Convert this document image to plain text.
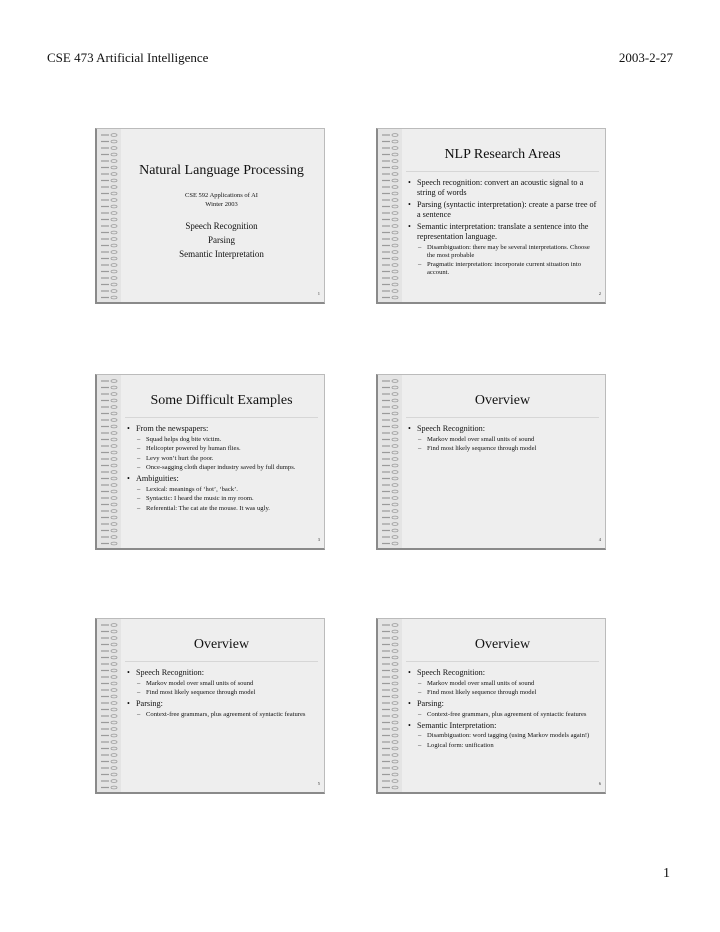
CSE 473 Artificial Intelligence	2003-2-27
Natural Language Processing
CSE 592 Applications of AI
Winter 2003
Speech Recognition
Parsing
Semantic Interpretation
1
NLP Research Areas
• Speech recognition: convert an acoustic signal to a string of words
• Parsing (syntactic interpretation): create a parse tree of a sentence
• Semantic interpretation: translate a sentence into the representation language.
– Disambiguation: there may be several interpretations. Choose the most probable
– Pragmatic interpretation: incorporate current situation into account.
2
Some Difficult Examples
• From the newspapers:
– Squad helps dog bite victim.
– Helicopter powered by human flies.
– Levy won’t hurt the poor.
– Once-sagging cloth diaper industry saved by full dumps.
• Ambiguities:
– Lexical: meanings of ‘hot’, ‘back’.
– Syntactic: I heard the music in my room.
– Referential: The cat ate the mouse. It was ugly.
3
Overview
• Speech Recognition:
– Markov model over small units of sound
– Find most likely sequence through model
4
Overview
• Speech Recognition:
– Markov model over small units of sound
– Find most likely sequence through model
• Parsing:
– Context-free grammars, plus agreement of syntactic features
5
Overview
• Speech Recognition:
– Markov model over small units of sound
– Find most likely sequence through model
• Parsing:
– Context-free grammars, plus agreement of syntactic features
• Semantic Interpretation:
– Disambiguation: word tagging (using Markov models again!)
– Logical form: unification
6
1
